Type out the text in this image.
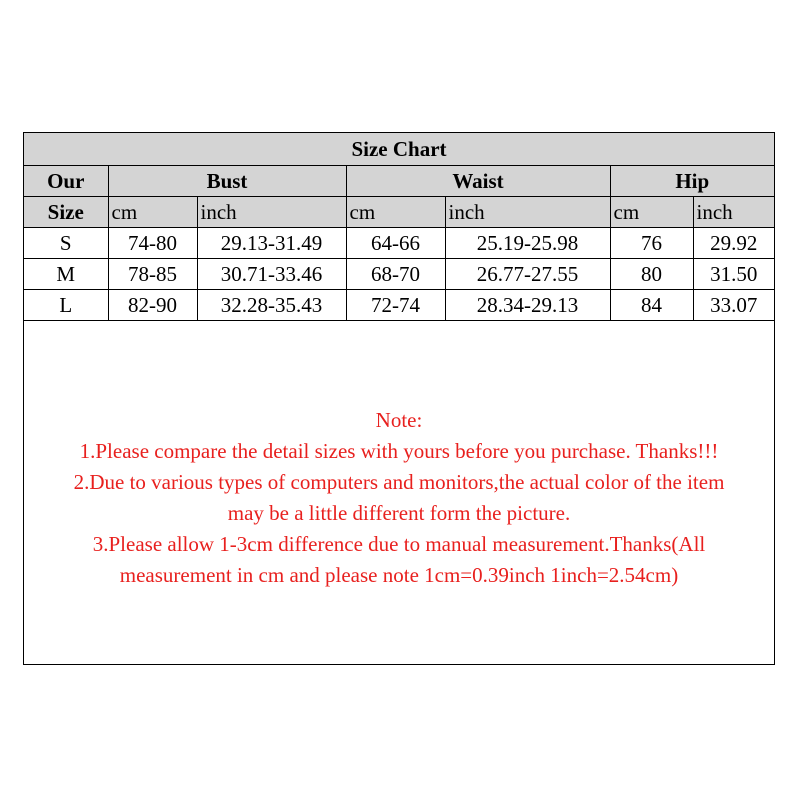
Size Chart						
Our	Bust		Waist		Hip	
Size	cm	inch	cm	inch	cm	inch
S	74-80	29.13-31.49	64-66	25.19-25.98	76	29.92
M	78-85	30.71-33.46	68-70	26.77-27.55	80	31.50
L	82-90	32.28-35.43	72-74	28.34-29.13	84	33.07
Note:
1.Please compare the detail sizes with yours before you purchase. Thanks!!!
2.Due to various types of computers and monitors,the actual color of the item
may be a little different form the picture.
3.Please allow 1-3cm difference due to manual measurement.Thanks(All
measurement in cm and please note 1cm=0.39inch 1inch=2.54cm)
